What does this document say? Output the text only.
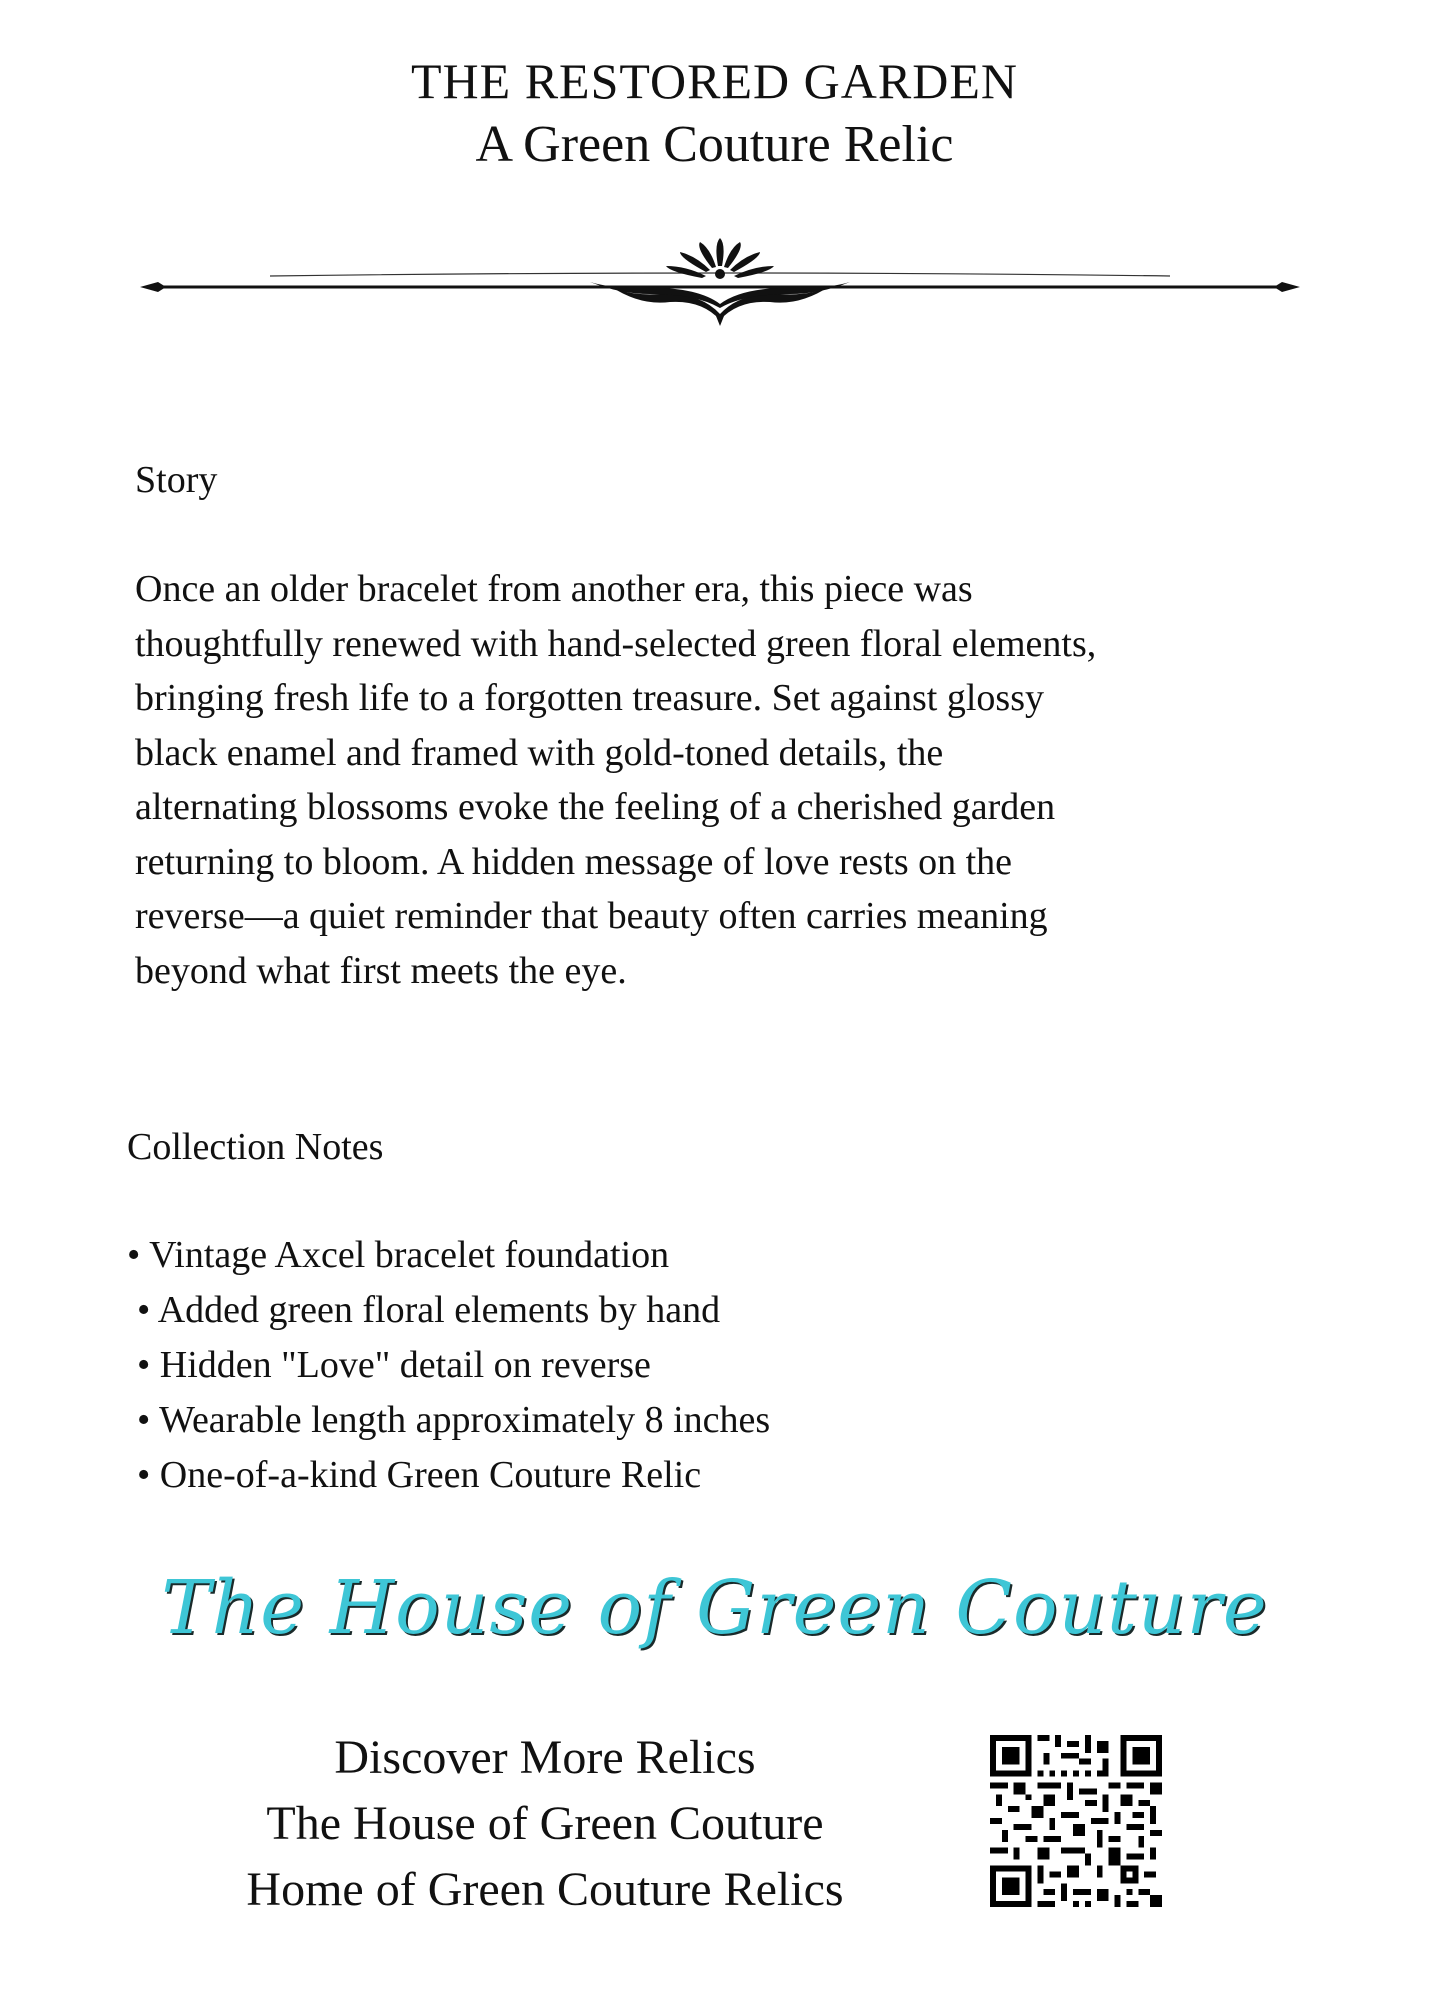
THE RESTORED GARDEN
A Green Couture Relic
Story
Once an older bracelet from another era, this piece was
thoughtfully renewed with hand-selected green floral elements,
bringing fresh life to a forgotten treasure. Set against glossy
black enamel and framed with gold-toned details, the
alternating blossoms evoke the feeling of a cherished garden
returning to bloom. A hidden message of love rests on the
reverse—a quiet reminder that beauty often carries meaning
beyond what first meets the eye.
Collection Notes
• Vintage Axcel bracelet foundation
• Added green floral elements by hand
• Hidden "Love" detail on reverse
• Wearable length approximately 8 inches
• One-of-a-kind Green Couture Relic
The House of Green Couture
Discover More Relics
The House of Green Couture
Home of Green Couture Relics
